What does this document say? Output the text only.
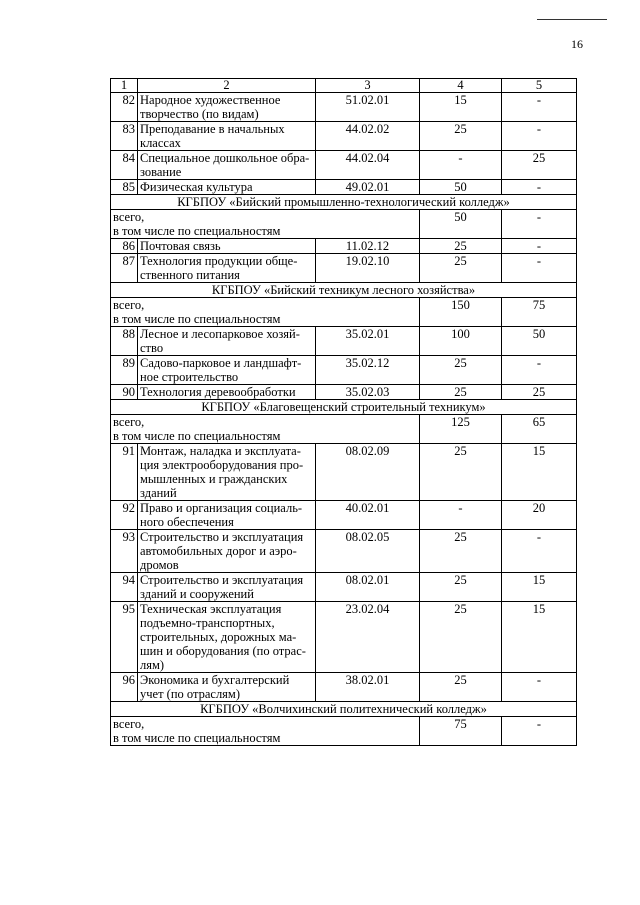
16
1	2	3	4	5
82	Народное художественное творчество (по видам)	51.02.01	15	-
83	Преподавание в начальных классах	44.02.02	25	-
84	Специальное дошкольное обра-зование	44.02.04	-	25
85	Физическая культура	49.02.01	50	-
КГБПОУ «Бийский промышленно-технологический колледж»				
всего,
в том числе по специальностям			50	-
86	Почтовая связь	11.02.12	25	-
87	Технология продукции обще-ственного питания	19.02.10	25	-
КГБПОУ «Бийский техникум лесного хозяйства»				
всего,
в том числе по специальностям			150	75
88	Лесное и лесопарковое хозяй-ство	35.02.01	100	50
89	Садово-парковое и ландшафт-ное строительство	35.02.12	25	-
90	Технология деревообработки	35.02.03	25	25
КГБПОУ «Благовещенский строительный техникум»				
всего,
в том числе по специальностям			125	65
91	Монтаж, наладка и эксплуата-ция электрооборудования про-мышленных и гражданских зданий	08.02.09	25	15
92	Право и организация социаль-ного обеспечения	40.02.01	-	20
93	Строительство и эксплуатация автомобильных дорог и аэро-дромов	08.02.05	25	-
94	Строительство и эксплуатация зданий и сооружений	08.02.01	25	15
95	Техническая эксплуатация подъемно-транспортных, строительных, дорожных ма-шин и оборудования (по отрас-лям)	23.02.04	25	15
96	Экономика и бухгалтерский учет (по отраслям)	38.02.01	25	-
КГБПОУ «Волчихинский политехнический колледж»				
всего,
в том числе по специальностям			75	-
